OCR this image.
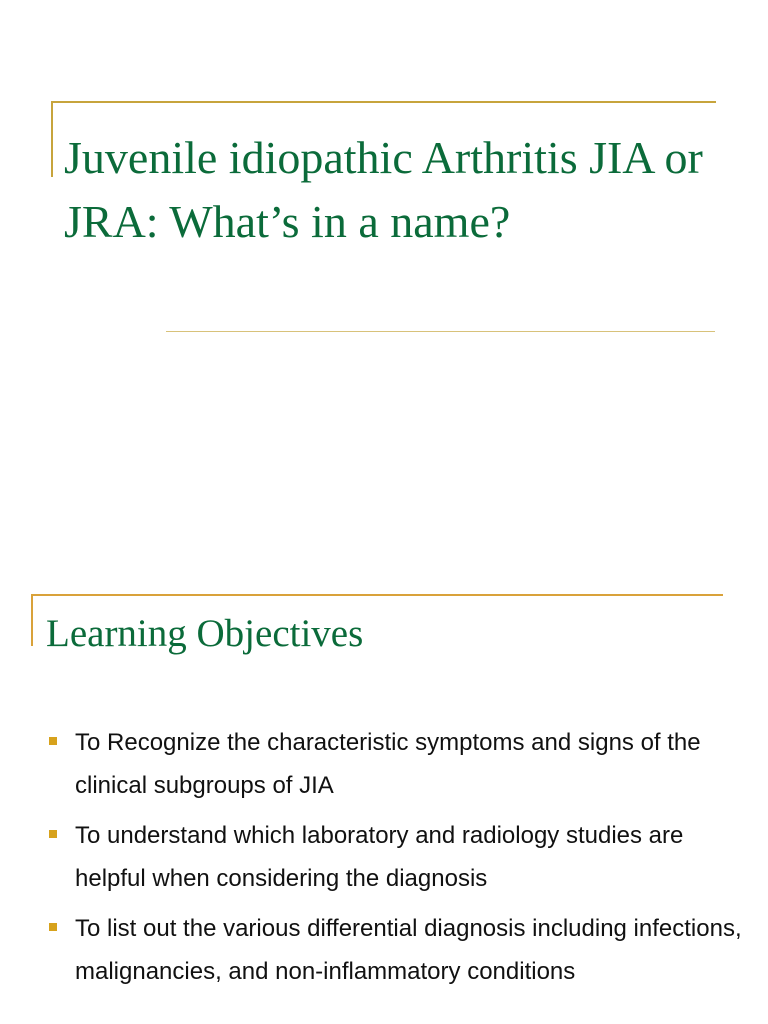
Juvenile idiopathic Arthritis JIA or JRA: What’s in a name?
Learning Objectives
To Recognize the characteristic symptoms and signs of the clinical subgroups of JIA
To understand which laboratory and radiology studies are helpful when considering the diagnosis
To list out the various differential diagnosis including infections, malignancies, and non-inflammatory conditions
